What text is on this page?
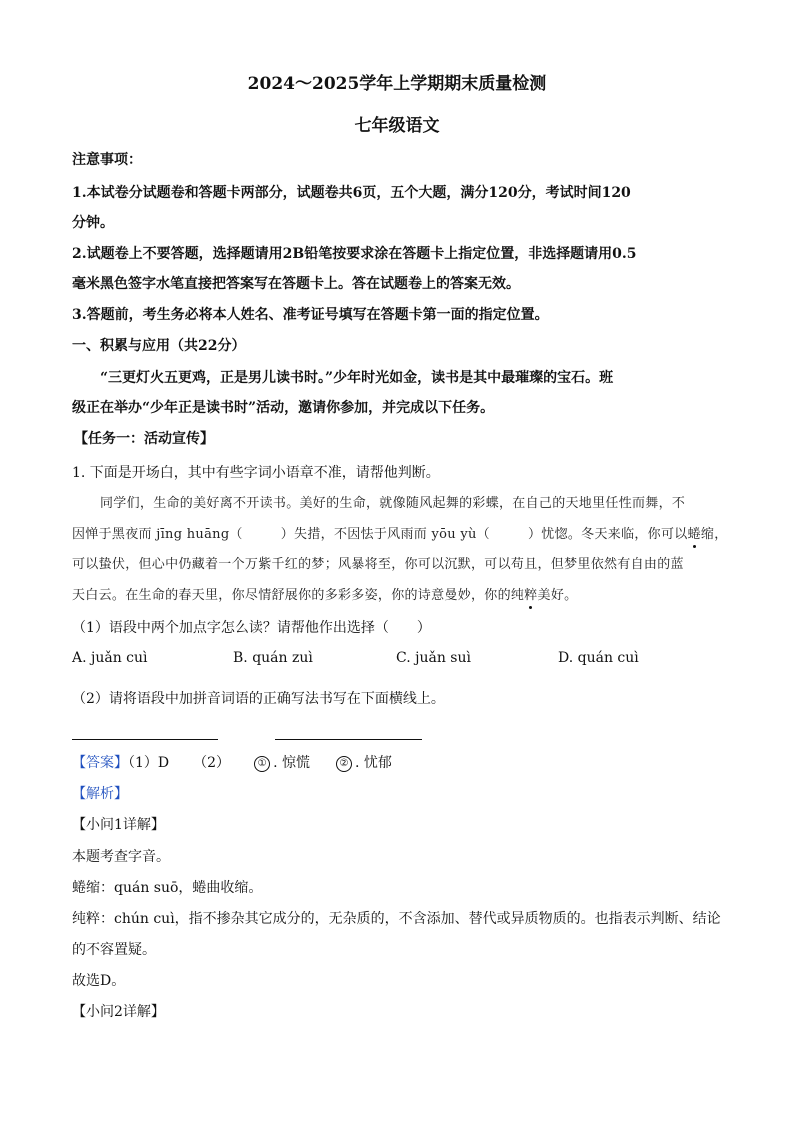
2024～2025学年上学期期末质量检测
七年级语文
注意事项：
1.本试卷分试题卷和答题卡两部分，试题卷共6页，五个大题，满分120分，考试时间120
分钟。
2.试题卷上不要答题，选择题请用2B铅笔按要求涂在答题卡上指定位置，非选择题请用0.5
毫米黑色签字水笔直接把答案写在答题卡上。答在试题卷上的答案无效。
3.答题前，考生务必将本人姓名、准考证号填写在答题卡第一面的指定位置。
一、积累与应用（共22分）
“三更灯火五更鸡，正是男儿读书时。”少年时光如金，读书是其中最璀璨的宝石。班
级正在举办“少年正是读书时”活动，邀请你参加，并完成以下任务。
【任务一：活动宣传】
1. 下面是开场白，其中有些字词小语章不准，请帮他判断。
同学们，生命的美好离不开读书。美好的生命，就像随风起舞的彩蝶，在自己的天地里任性而舞，不
因惮于黑夜而 jīng huāng（	）失措，不因怯于风雨而 yōu yù（	）忧惚。冬天来临，你可以蜷缩，
可以蛰伏，但心中仍藏着一个万紫千红的梦；风暴将至，你可以沉默，可以苟且，但梦里依然有自由的蓝
天白云。在生命的春天里，你尽情舒展你的多彩多姿，你的诗意曼妙，你的纯粹美好。
（1）语段中两个加点字怎么读？请帮他作出选择（　　）
A. juǎn cuì	B. quán zuì	C. juǎn suì	D. quán cuì
（2）请将语段中加拼音词语的正确写法书写在下面横线上。
【答案】（1）D （2）	① . 惊慌	② . 忧郁
【解析】
【小问1详解】
本题考查字音。
蜷缩：quán suō，蜷曲收缩。
纯粹：chún cuì，指不掺杂其它成分的，无杂质的，不含添加、替代或异质物质的。也指表示判断、结论
的不容置疑。
故选D。
【小问2详解】
